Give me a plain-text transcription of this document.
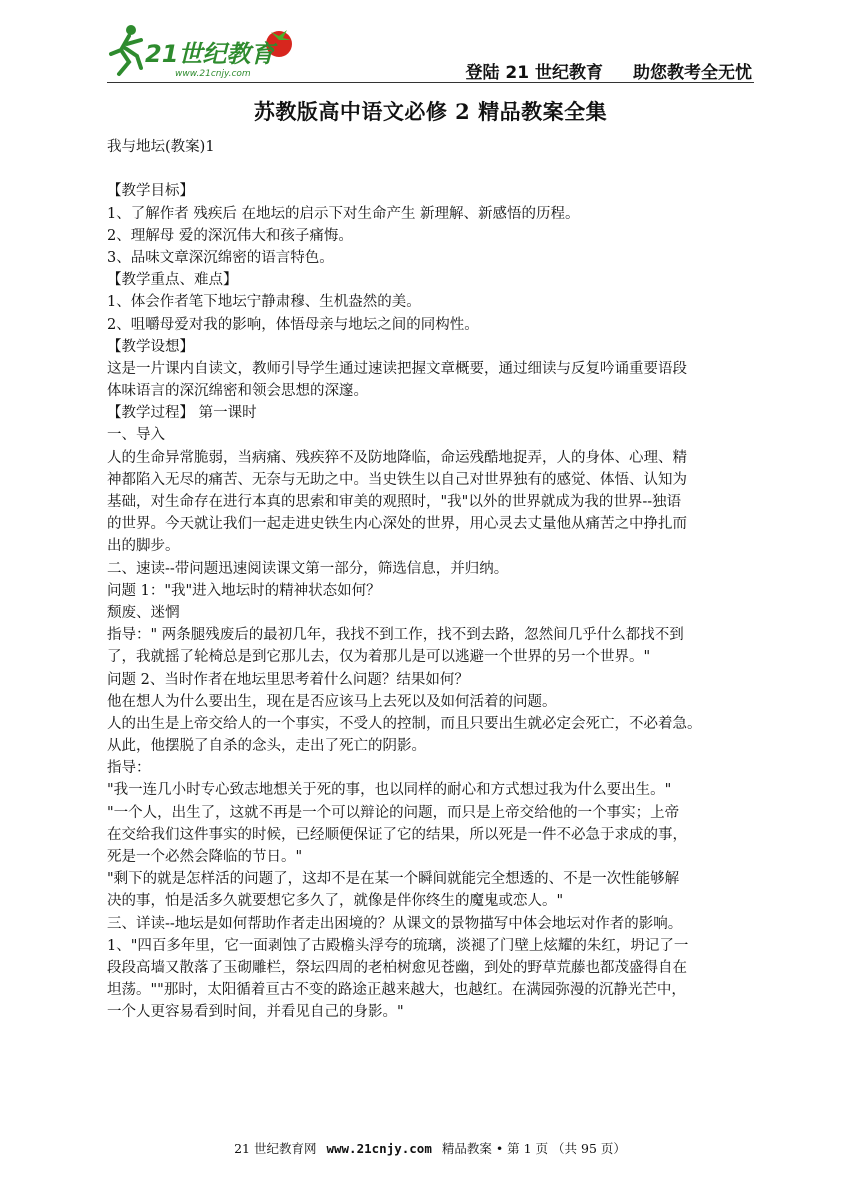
21世纪教育
www.21cnjy.com	登陆 21 世纪教育 助您教考全无忧
苏教版高中语文必修 2 精品教案全集
我与地坛(教案)1
【教学目标】
1、了解作者 残疾后 在地坛的启示下对生命产生 新理解、新感悟的历程。
2、理解母 爱的深沉伟大和孩子痛悔。
3、品味文章深沉绵密的语言特色。
【教学重点、难点】
1、体会作者笔下地坛宁静肃穆、生机盎然的美。
2、咀嚼母爱对我的影响，体悟母亲与地坛之间的同构性。
【教学设想】
这是一片课内自读文，教师引导学生通过速读把握文章概要，通过细读与反复吟诵重要语段
体味语言的深沉绵密和领会思想的深邃。
【教学过程】 第一课时
一、导入
人的生命异常脆弱，当病痛、残疾猝不及防地降临，命运残酷地捉弄，人的身体、心理、精
神都陷入无尽的痛苦、无奈与无助之中。当史铁生以自己对世界独有的感觉、体悟、认知为
基础，对生命存在进行本真的思索和审美的观照时，"我"以外的世界就成为我的世界--独语
的世界。今天就让我们一起走进史铁生内心深处的世界，用心灵去丈量他从痛苦之中挣扎而
出的脚步。
二、速读--带问题迅速阅读课文第一部分，筛选信息，并归纳。
问题 1："我"进入地坛时的精神状态如何？
颓废、迷惘
指导：" 两条腿残废后的最初几年，我找不到工作，找不到去路，忽然间几乎什么都找不到
了，我就摇了轮椅总是到它那儿去，仅为着那儿是可以逃避一个世界的另一个世界。"
问题 2、当时作者在地坛里思考着什么问题？结果如何？
他在想人为什么要出生，现在是否应该马上去死以及如何活着的问题。
人的出生是上帝交给人的一个事实，不受人的控制，而且只要出生就必定会死亡，不必着急。
从此，他摆脱了自杀的念头，走出了死亡的阴影。
指导：
"我一连几小时专心致志地想关于死的事，也以同样的耐心和方式想过我为什么要出生。"
"一个人，出生了，这就不再是一个可以辩论的问题，而只是上帝交给他的一个事实；上帝
在交给我们这件事实的时候，已经顺便保证了它的结果，所以死是一件不必急于求成的事，
死是一个必然会降临的节日。"
"剩下的就是怎样活的问题了，这却不是在某一个瞬间就能完全想透的、不是一次性能够解
决的事，怕是活多久就要想它多久了，就像是伴你终生的魔鬼或恋人。"
三、详读--地坛是如何帮助作者走出困境的？从课文的景物描写中体会地坛对作者的影响。
1、"四百多年里，它一面剥蚀了古殿檐头浮夸的琉璃，淡褪了门壁上炫耀的朱红，坍记了一
段段高墙又散落了玉砌雕栏，祭坛四周的老柏树愈见苍幽，到处的野草荒藤也都茂盛得自在
坦荡。""那时，太阳循着亘古不变的路途正越来越大，也越红。在满园弥漫的沉静光芒中，
一个人更容易看到时间，并看见自己的身影。"
21 世纪教育网 www.21cnjy.com 精品教案 • 第 1 页 （共 95 页）
